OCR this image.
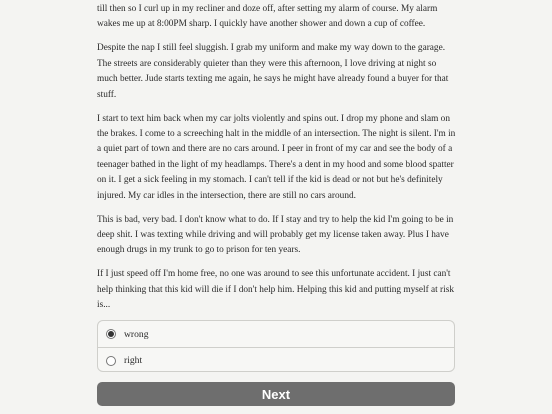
till then so I curl up in my recliner and doze off, after setting my alarm of course. My alarm wakes me up at 8:00PM sharp. I quickly have another shower and down a cup of coffee.

Despite the nap I still feel sluggish. I grab my uniform and make my way down to the garage. The streets are considerably quieter than they were this afternoon, I love driving at night so much better. Jude starts texting me again, he says he might have already found a buyer for that stuff.

I start to text him back when my car jolts violently and spins out. I drop my phone and slam on the brakes. I come to a screeching halt in the middle of an intersection. The night is silent. I'm in a quiet part of town and there are no cars around. I peer in front of my car and see the body of a teenager bathed in the light of my headlamps. There's a dent in my hood and some blood spatter on it. I get a sick feeling in my stomach. I can't tell if the kid is dead or not but he's definitely injured. My car idles in the intersection, there are still no cars around.

This is bad, very bad. I don't know what to do. If I stay and try to help the kid I'm going to be in deep shit. I was texting while driving and will probably get my license taken away. Plus I have enough drugs in my trunk to go to prison for ten years.

If I just speed off I'm home free, no one was around to see this unfortunate accident. I just can't help thinking that this kid will die if I don't help him. Helping this kid and putting myself at risk is...

wrong
right
Next
